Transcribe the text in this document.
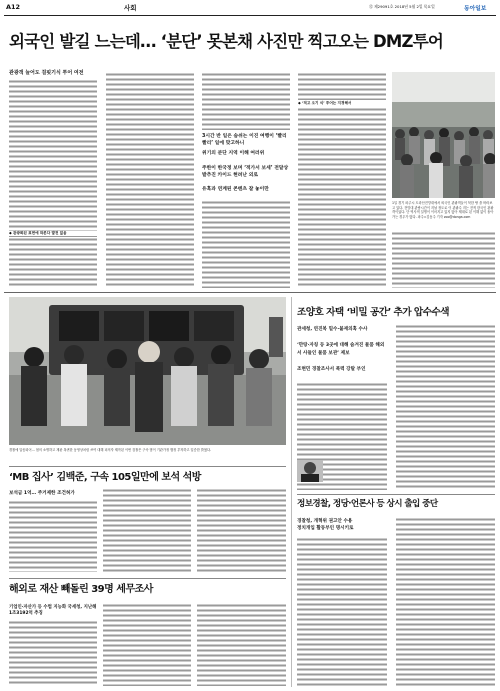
A12	사회	⑫ 제29091호 2018년 5월 2일 목요일	동아일보
외국인 발길 느는데… ‘분단’ 못본채 사진만 찍고오는 DMZ투어
관광객 늘어도 걸핏기식 투어 여전
◆ 관광화된 표면에 따른다 발전 없음
3시간 반 일은 숨쉬는 이진 여행이 ‘빨리 빨리’ 일에 맞고하니
위기의 분단 지역 이해 여러위
주한이 한국정 보며 ‘적가서 보세’ 전달상 발추진 카이드 현려난 외로
유혹과 연계된 콘텐츠 잘 놓이만
◆ ‘적고 오기 식’ 투어는 지경해서
1일 경기 파주시 도라산전망대에서 외국인 관광객들이 북한 땅 을 바라보고 있다. 전망대 관람시간이 지날 정도로 이 관광수 지는 전적 한국인 관광객이었다. 단 역사적 설명이 이어지고 있지 않아 제대로 된 이해 없이 돌아가는 경우가 많다. 파주=김동주 기자 zoo@donga.com
경찰에 압송되어… 혐의 소명하고 재판 복귀한 동영상처럼 쓰여 대해 피의자 제작된 이번 검찰은 구속 범이 기관가정 행정 부착하고 입증한 밝혔다.
‘MB 집사’ 김백준, 구속 105일만에 보석 석방
보석금 1억… 주거제한 조건허가
해외로 재산 빼돌린 39명 세무조사
기업인·자산가 등 수법 지능화 국세청, 지난해 1조3192억 추징
조양호 자택 ‘비밀 공간’ 추가 압수수색
관세청, 연진복 밀수·불재의혹 수사
‘만랑·자칭 등 3곳에 대해 숨겨진 물품 해외서 사들인 물품 보관’ 제보
조현민 경찰조사서 폭력 강탈 부인
정보경찰, 정당·언론사 등 상시 출입 중단
경찰청, 개혁위 권고안 수용
정치개입 활동부인 명시키로
